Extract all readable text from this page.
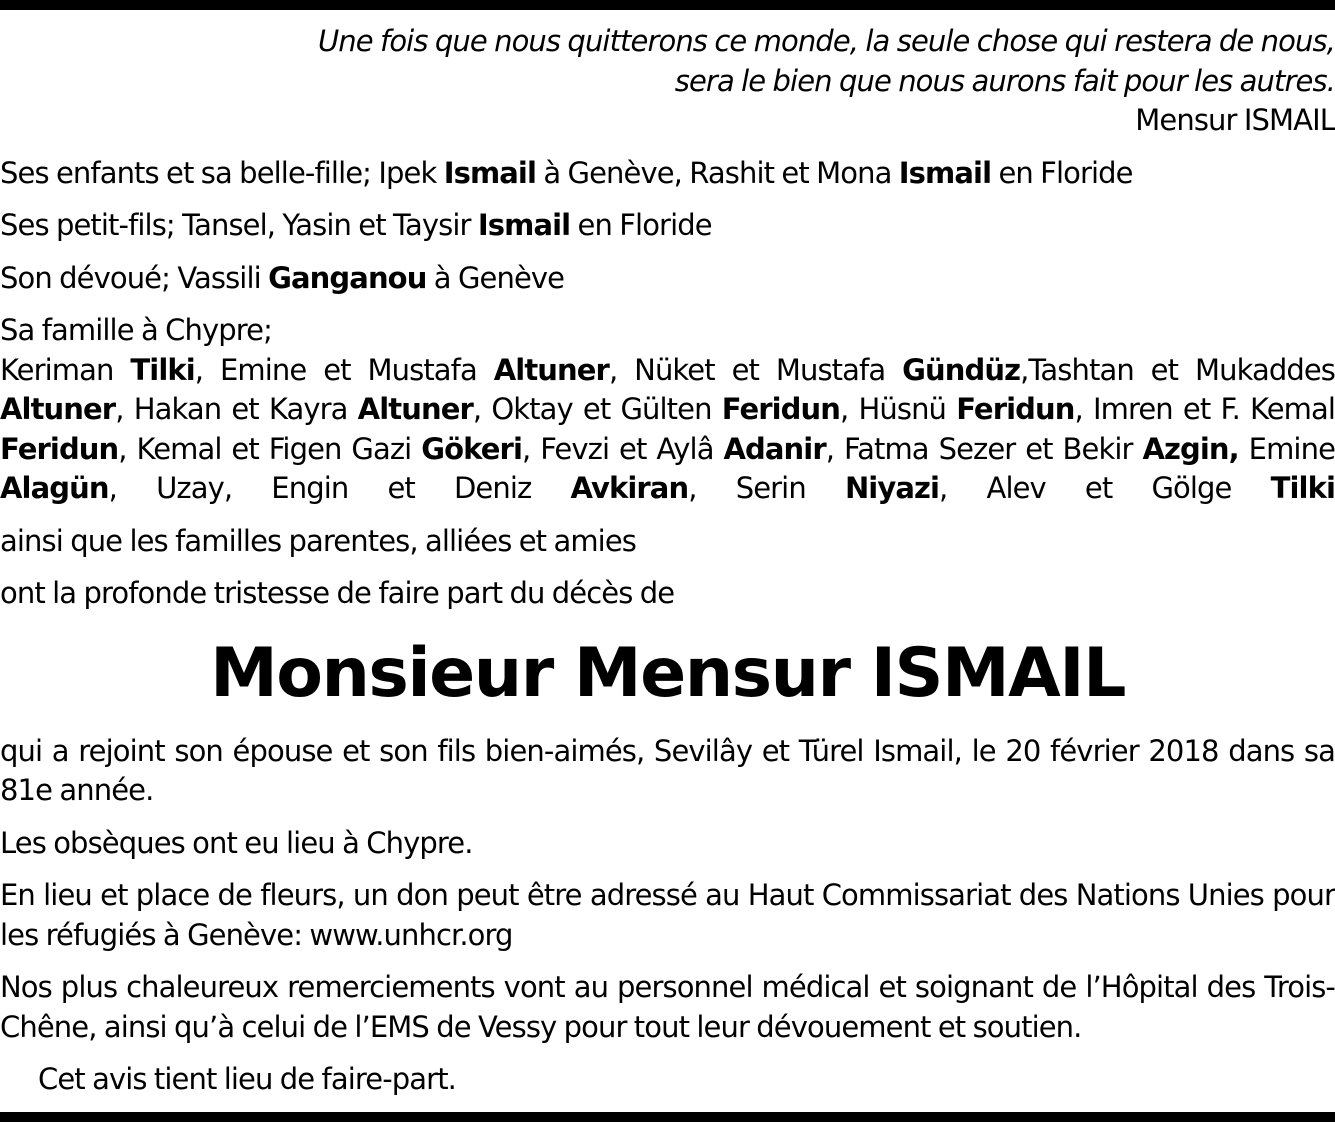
Une fois que nous quitterons ce monde, la seule chose qui restera de nous,
sera le bien que nous aurons fait pour les autres.
Mensur ISMAIL

Ses enfants et sa belle-fille; Ipek Ismail à Genève, Rashit et Mona Ismail en Floride

Ses petit-fils; Tansel, Yasin et Taysir Ismail en Floride

Son dévoué; Vassili Ganganou à Genève

Sa famille à Chypre;

Keriman Tilki, Emine et Mustafa Altuner, Nüket et Mustafa Gündüz,Tashtan et Mukaddes Altuner, Hakan et Kayra Altuner, Oktay et Gülten Feridun, Hüsnü Feridun, Imren et F. Kemal Feridun, Kemal et Figen Gazi Gökeri, Fevzi et Aylâ Adanir, Fatma Sezer et Bekir Azgin, Emine Alagün, Uzay, Engin et Deniz Avkiran, Serin Niyazi, Alev et Gölge Tilki

ainsi que les familles parentes, alliées et amies

ont la profonde tristesse de faire part du décès de

Monsieur Mensur ISMAIL

qui a rejoint son épouse et son fils bien-aimés, Sevilây et Türel Ismail, le 20 février 2018 dans sa 81e année.

Les obsèques ont eu lieu à Chypre.

En lieu et place de fleurs, un don peut être adressé au Haut Commissariat des Nations Unies pour les réfugiés à Genève: www.unhcr.org

Nos plus chaleureux remerciements vont au personnel médical et soignant de l’Hôpital des Trois-Chêne, ainsi qu’à celui de l’EMS de Vessy pour tout leur dévouement et soutien.

Cet avis tient lieu de faire-part.
